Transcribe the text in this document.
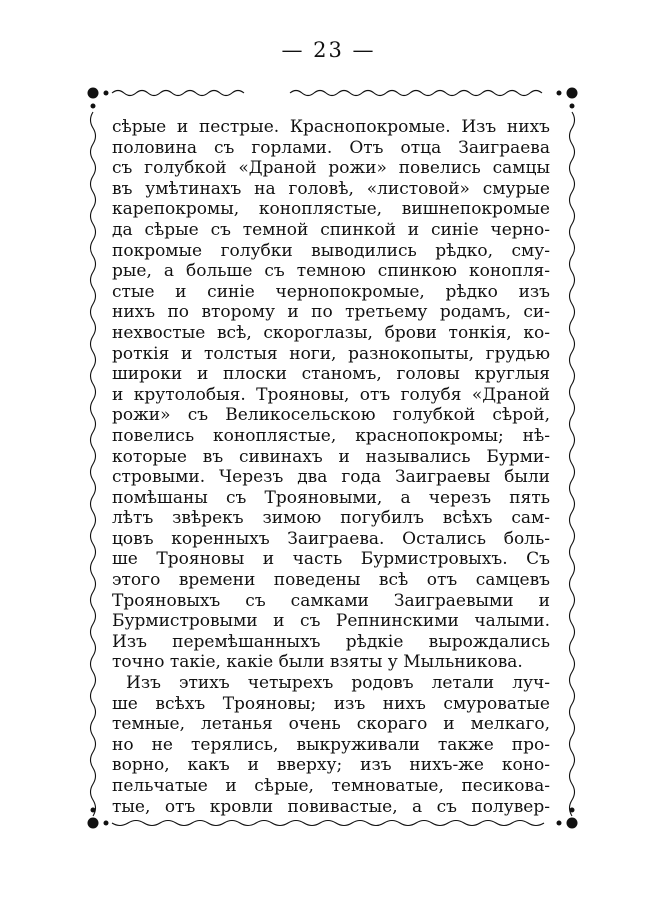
— 23 —
сѣрые и пестрые. Краснопокромые. Изъ нихъ
половина съ горлами. Отъ отца Заиграева
съ голубкой «Драной рожи» повелись самцы
въ умѣтинахъ на головѣ, «листовой» смурые
карепокромы, коноплястые, вишнепокромые
да сѣрые съ темной спинкой и синіе черно-
покромые голубки выводились рѣдко, сму-
рые, а больше съ темною спинкою конопля-
стые и синіе чернопокромые, рѣдко изъ
нихъ по второму и по третьему родамъ, си-
нехвостые всѣ, скороглазы, брови тонкія, ко-
роткія и толстыя ноги, разнокопыты, грудью
широки и плоски станомъ, головы круглыя
и крутолобыя. Трояновы, отъ голубя «Драной
рожи» съ Великосельскою голубкой сѣрой,
повелись коноплястые, краснопокромы; нѣ-
которые въ сивинахъ и назывались Бурми-
стровыми. Черезъ два года Заиграевы были
помѣшаны съ Трояновыми, а черезъ пять
лѣтъ звѣрекъ зимою погубилъ всѣхъ сам-
цовъ коренныхъ Заиграева. Остались боль-
ше Трояновы и часть Бурмистровыхъ. Съ
этого времени поведены всѣ отъ самцевъ
Трояновыхъ съ самками Заиграевыми и
Бурмистровыми и съ Репнинскими чалыми.
Изъ перемѣшанныхъ рѣдкіе вырождались
точно такіе, какіе были взяты у Мыльникова.
Изъ этихъ четырехъ родовъ летали луч-
ше всѣхъ Трояновы; изъ нихъ смуроватые
темные, летанья очень скораго и мелкаго,
но не терялись, выкруживали также про-
ворно, какъ и вверху; изъ нихъ-же коно-
пельчатые и сѣрые, темноватые, песикова-
тые, отъ кровли повивастые, а съ полувер-
